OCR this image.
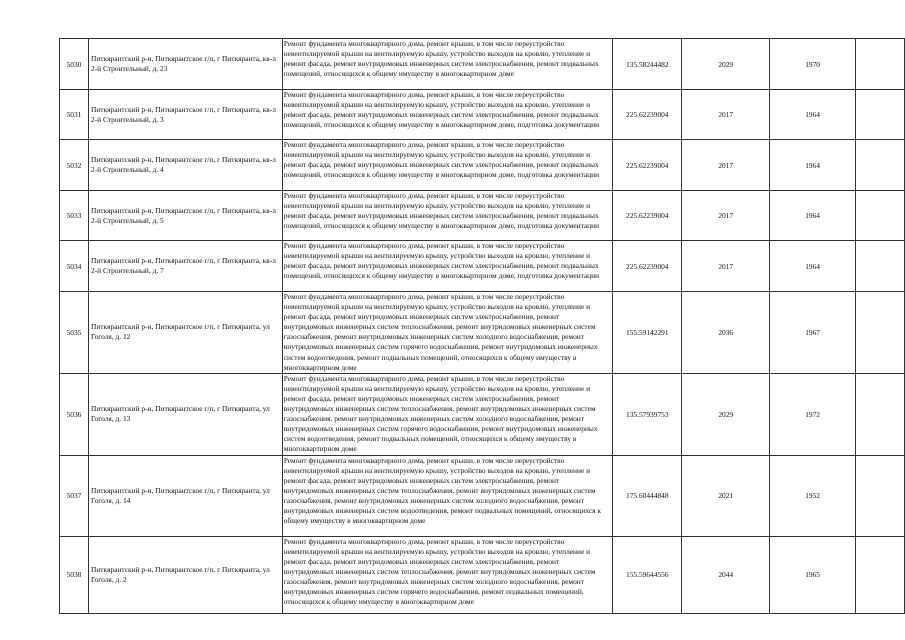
5030	Питкярантский р-н, Питкярантское г/п, г Питкяранта, кв-л 2-й Строительный, д. 23	Ремонт фундамента многоквартирного дома, ремонт крыши, в том числе переустройство невентилируемой крыши на вентилируемую крышу, устройство выходов на кровлю, утепление и ремонт фасада, ремонт внутридомовых инженерных систем электроснабжения, ремонт подвальных помещений, относящихся к общему имуществу в многоквартирном доме	135.58244482	2029	1970	
5031	Питкярантский р-н, Питкярантское г/п, г Питкяранта, кв-л 2-й Строительный, д. 3	Ремонт фундамента многоквартирного дома, ремонт крыши, в том числе переустройство невентилируемой крыши на вентилируемую крышу, устройство выходов на кровлю, утепление и ремонт фасада, ремонт внутридомовых инженерных систем электроснабжения, ремонт подвальных помещений, относящихся к общему имуществу в многоквартирном доме, подготовка документации	225.62239004	2017	1964	
5032	Питкярантский р-н, Питкярантское г/п, г Питкяранта, кв-л 2-й Строительный, д. 4	Ремонт фундамента многоквартирного дома, ремонт крыши, в том числе переустройство невентилируемой крыши на вентилируемую крышу, устройство выходов на кровлю, утепление и ремонт фасада, ремонт внутридомовых инженерных систем электроснабжения, ремонт подвальных помещений, относящихся к общему имуществу в многоквартирном доме, подготовка документации	225.62239004	2017	1964	
5033	Питкярантский р-н, Питкярантское г/п, г Питкяранта, кв-л 2-й Строительный, д. 5	Ремонт фундамента многоквартирного дома, ремонт крыши, в том числе переустройство невентилируемой крыши на вентилируемую крышу, устройство выходов на кровлю, утепление и ремонт фасада, ремонт внутридомовых инженерных систем электроснабжения, ремонт подвальных помещений, относящихся к общему имуществу в многоквартирном доме, подготовка документации	225.62239004	2017	1964	
5034	Питкярантский р-н, Питкярантское г/п, г Питкяранта, кв-л 2-й Строительный, д. 7	Ремонт фундамента многоквартирного дома, ремонт крыши, в том числе переустройство невентилируемой крыши на вентилируемую крышу, устройство выходов на кровлю, утепление и ремонт фасада, ремонт внутридомовых инженерных систем электроснабжения, ремонт подвальных помещений, относящихся к общему имуществу в многоквартирном доме, подготовка документации	225.62239004	2017	1964	
5035	Питкярантский р-н, Питкярантское г/п, г Питкяранта, ул Гоголя, д. 12	Ремонт фундамента многоквартирного дома, ремонт крыши, в том числе переустройство невентилируемой крыши на вентилируемую крышу, устройство выходов на кровлю, утепление и ремонт фасада, ремонт внутридомовых инженерных систем электроснабжения, ремонт внутридомовых инженерных систем теплоснабжения, ремонт внутридомовых инженерных систем газоснабжения, ремонт внутридомовых инженерных систем холодного водоснабжения, ремонт внутридомовых инженерных систем горячего водоснабжения, ремонт внутридомовых инженерных систем водоотведения, ремонт подвальных помещений, относящихся к общему имуществу в многоквартирном доме	155.59142291	2036	1967	
5036	Питкярантский р-н, Питкярантское г/п, г Питкяранта, ул Гоголя, д. 13	Ремонт фундамента многоквартирного дома, ремонт крыши, в том числе переустройство невентилируемой крыши на вентилируемую крышу, устройство выходов на кровлю, утепление и ремонт фасада, ремонт внутридомовых инженерных систем электроснабжения, ремонт внутридомовых инженерных систем теплоснабжения, ремонт внутридомовых инженерных систем газоснабжения, ремонт внутридомовых инженерных систем холодного водоснабжения, ремонт внутридомовых инженерных систем горячего водоснабжения, ремонт внутридомовых инженерных систем водоотведения, ремонт подвальных помещений, относящихся к общему имуществу в многоквартирном доме	135.57939753	2029	1972	
5037	Питкярантский р-н, Питкярантское г/п, г Питкяранта, ул Гоголя, д. 14	Ремонт фундамента многоквартирного дома, ремонт крыши, в том числе переустройство невентилируемой крыши на вентилируемую крышу, устройство выходов на кровлю, утепление и ремонт фасада, ремонт внутридомовых инженерных систем электроснабжения, ремонт внутридомовых инженерных систем теплоснабжения, ремонт внутридомовых инженерных систем газоснабжения, ремонт внутридомовых инженерных систем холодного водоснабжения, ремонт внутридомовых инженерных систем водоотведения, ремонт подвальных помещений, относящихся к общему имуществу в многоквартирном доме	175.60444848	2021	1952	
5038	Питкярантский р-н, Питкярантское г/п, г Питкяранта, ул Гоголя, д. 2	Ремонт фундамента многоквартирного дома, ремонт крыши, в том числе переустройство невентилируемой крыши на вентилируемую крышу, устройство выходов на кровлю, утепление и ремонт фасада, ремонт внутридомовых инженерных систем электроснабжения, ремонт внутридомовых инженерных систем теплоснабжения, ремонт внутридомовых инженерных систем газоснабжения, ремонт внутридомовых инженерных систем холодного водоснабжения, ремонт внутридомовых инженерных систем горячего водоснабжения, ремонт подвальных помещений, относящихся к общему имуществу в многоквартирном доме	155.59644556	2044	1965	
